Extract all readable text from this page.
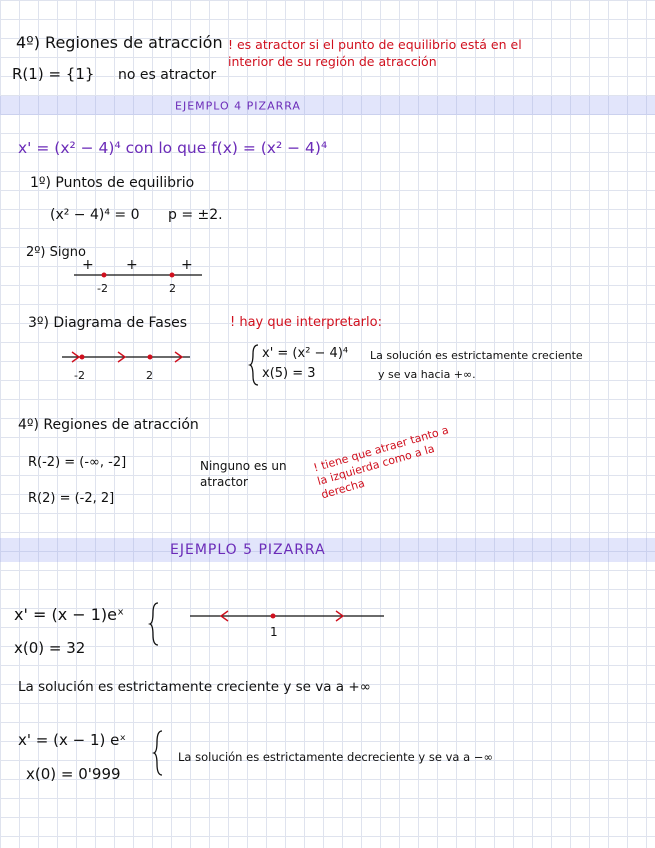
4º) Regiones de atracción ! es atractor si el punto de equilibrio está en el interior de su región de atracción
R(1) = {1} no es atractor
EJEMPLO 4 PIZARRA
x' = (x² − 4)⁴ con lo que f(x) = (x² − 4)⁴
1º) Puntos de equilibrio
(x² − 4)⁴ = 0 p = ±2.
2º) Signo
+ +	+
-2	2
3º) Diagrama de Fases	! hay que interpretarlo:
-2	2
x' = (x² − 4)⁴
x(5) = 3
La solución es estrictamente creciente
y se va hacia +∞.
4º) Regiones de atracción
R(-2) = (-∞, -2]
R(2) = (-2, 2]
Ninguno es un atractor
! tiene que atraer tanto a la izquierda como a la derecha
EJEMPLO 5 PIZARRA
x' = (x − 1)eˣ
x(0) = 32
1
La solución es estrictamente creciente y se va a +∞
x' = (x − 1) eˣ
x(0) = 0'999
La solución es estrictamente decreciente y se va a −∞
